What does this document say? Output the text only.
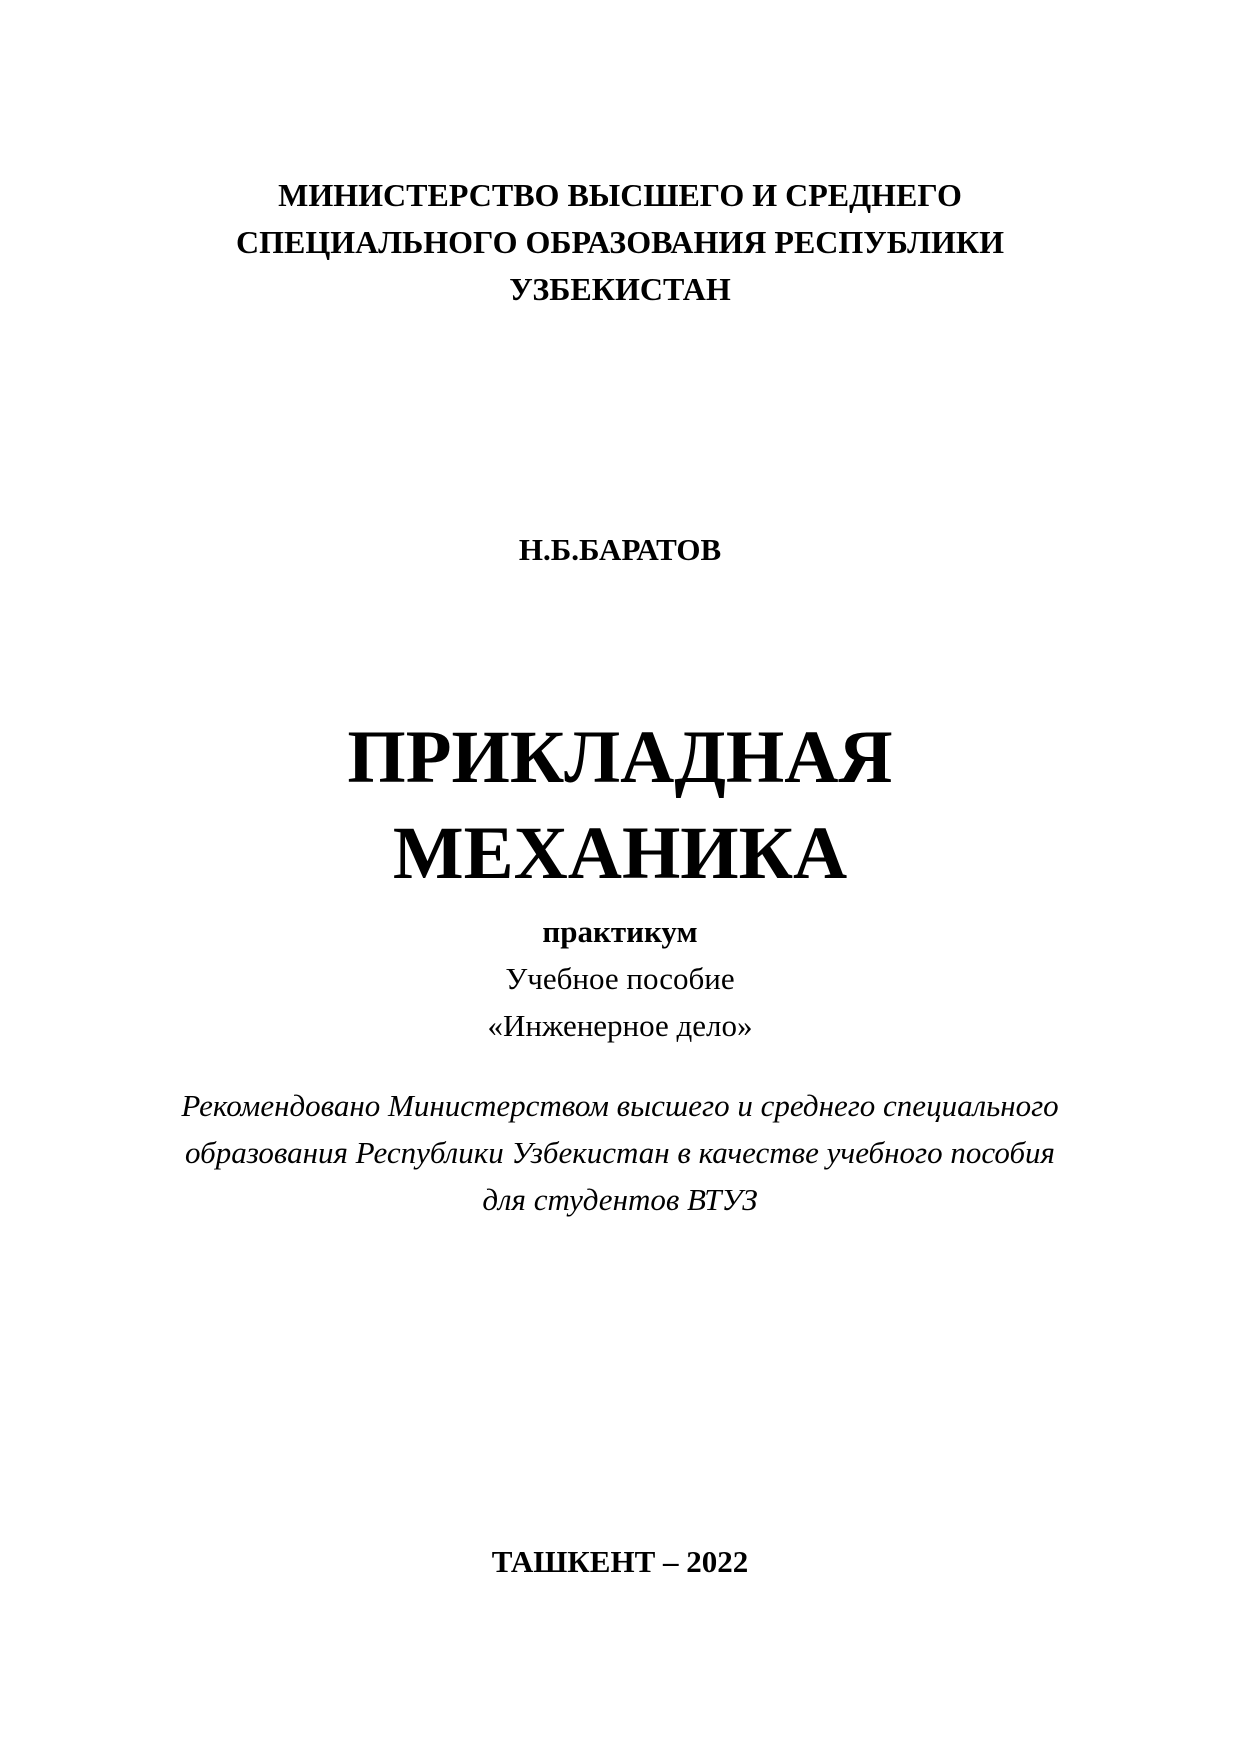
МИНИСТЕРСТВО ВЫСШЕГО И СРЕДНЕГО
СПЕЦИАЛЬНОГО ОБРАЗОВАНИЯ РЕСПУБЛИКИ
УЗБЕКИСТАН
Н.Б.БАРАТОВ
ПРИКЛАДНАЯ
МЕХАНИКА
практикум
Учебное пособие
«Инженерное дело»
Рекомендовано Министерством высшего и среднего специального
образования Республики Узбекистан в качестве учебного пособия
для студентов ВТУЗ
ТАШКЕНТ – 2022
